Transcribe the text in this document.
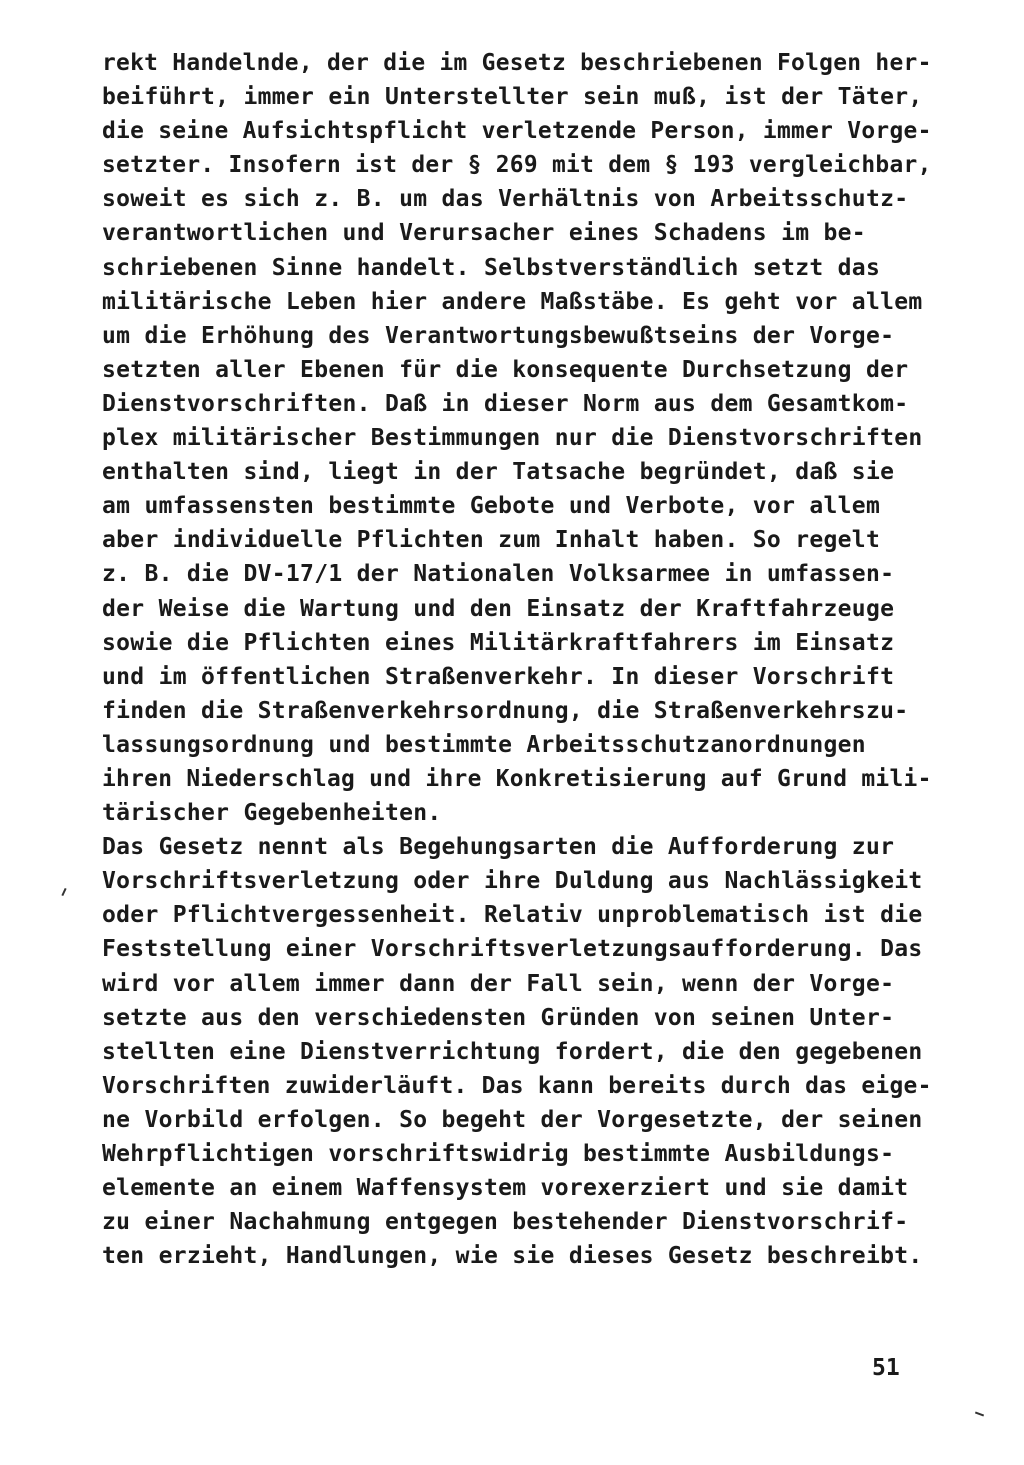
rekt Handelnde, der die im Gesetz beschriebenen Folgen her-
beiführt, immer ein Unterstellter sein muß, ist der Täter,
die seine Aufsichtspflicht verletzende Person, immer Vorge-
setzter. Insofern ist der § 269 mit dem § 193 vergleichbar,
soweit es sich z. B. um das Verhältnis von Arbeitsschutz-
verantwortlichen und Verursacher eines Schadens im be-
schriebenen Sinne handelt. Selbstverständlich setzt das
militärische Leben hier andere Maßstäbe. Es geht vor allem
um die Erhöhung des Verantwortungsbewußtseins der Vorge-
setzten aller Ebenen für die konsequente Durchsetzung der
Dienstvorschriften. Daß in dieser Norm aus dem Gesamtkom-
plex militärischer Bestimmungen nur die Dienstvorschriften
enthalten sind, liegt in der Tatsache begründet, daß sie
am umfassensten bestimmte Gebote und Verbote, vor allem
aber individuelle Pflichten zum Inhalt haben. So regelt
z. B. die DV-17/1 der Nationalen Volksarmee in umfassen-
der Weise die Wartung und den Einsatz der Kraftfahrzeuge
sowie die Pflichten eines Militärkraftfahrers im Einsatz
und im öffentlichen Straßenverkehr. In dieser Vorschrift
finden die Straßenverkehrsordnung, die Straßenverkehrszu-
lassungsordnung und bestimmte Arbeitsschutzanordnungen
ihren Niederschlag und ihre Konkretisierung auf Grund mili-
tärischer Gegebenheiten.
Das Gesetz nennt als Begehungsarten die Aufforderung zur
Vorschriftsverletzung oder ihre Duldung aus Nachlässigkeit
oder Pflichtvergessenheit. Relativ unproblematisch ist die
Feststellung einer Vorschriftsverletzungsaufforderung. Das
wird vor allem immer dann der Fall sein, wenn der Vorge-
setzte aus den verschiedensten Gründen von seinen Unter-
stellten eine Dienstverrichtung fordert, die den gegebenen
Vorschriften zuwiderläuft. Das kann bereits durch das eige-
ne Vorbild erfolgen. So begeht der Vorgesetzte, der seinen
Wehrpflichtigen vorschriftswidrig bestimmte Ausbildungs-
elemente an einem Waffensystem vorexerziert und sie damit
zu einer Nachahmung entgegen bestehender Dienstvorschrif-
ten erzieht, Handlungen, wie sie dieses Gesetz beschreibt.
51
